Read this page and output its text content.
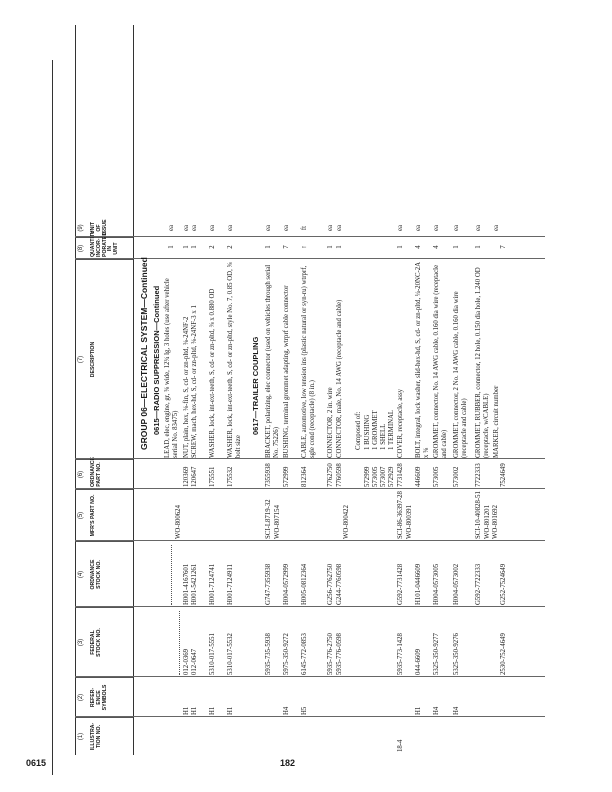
(1) ILLUSTRA-
TION NO.
(2) REFER-
ENCE
SYMBOLS
(3) FEDERAL
STOCK NO.
(4) ORDNANCE
STOCK NO.
(5) MFR'S PART NO.
(6) ORDNANCE
PART NO.
(7) DESCRIPTION
(8) QUANTITY
INCOR-
PORATED
IN UNIT
(9) UNIT
OF
ISSUE
GROUP 06—ELECTRICAL SYSTEM—Continued 0615—RADIO SUPPRESSION—Continued
WO-800624
LEAD, elec, engine, gr, ⅝ wide, 12¾ lg, 3 holes (use after vehicle serial No. 83475)
1
ea
H1
012-0369
H001-4167601
120369
NUT, plain, hex, ⅜-fin, S, cd- or zn-pltd, ⅜-24NF-2
1
ea
H1
012-0647
H001-5421261
120647
SCREW, mach, hex-hd, S, cd- or zn-pltd, ⅜-24NF-3 x 1
1
ea
H1
5310-017-5551
H001-7124741
175551
WASHER, lock, int-ext-teeth, S, cd- or zn-pltd, ⅜ x 0.880 OD
2
ea
H1
5310-017-5532
H001-7124911
175532
WASHER, lock, int-ext-teeth, S, cd- or zn-pltd, style No. 7, 0.85 OD, ⅝ bolt size
2
ea
0617—TRAILER COUPLING
5935-735-5938
G747-7355938
SCI-L8719-32
7355938
BRACKET, polarizing, elec connector (used on vehicles through serial No. 75226)
1
ea
H4
5975-350-9272
H004-0572999
WO-807154
572999
BUSHING, terminal grommet adapting, wtrprf cable connector
7
ea
H5
6145-772-0853
H005-0812364
812364
CABLE, automotive, low tension ins (plastic natural or syn-ru) wtrprf, sgle cond (receptacle) (8 in.)
↑
ft
5935-776-2750
G256-7762750
7762750
CONNECTOR, 2 in. wire
1
ea
5935-776-0598
G244-7760598
WO-800422
7760598
CONNECTOR, male, No. 14 AWG (receptacle and cable)
1
ea
Composed of:
572999
1 BUSHING
573005
1 GROMMET
573007
1 SHELL
572929
1 TERMINAL
18-4
5935-773-1428
G592-7731428
SCI-86-36397-28
7731428
COVER, receptacle, assy
1
ea
H1
044-6609
H101-0446609
WO-800391
446609
BOLT, integral, lock washer, slid-hex-hd, S, cd- or zn-pltd, ¼-20NC-2A x ⅝
4
ea
H4
5325-350-9277
H004-0573005
573005
GROMMET, connector, No. 14 AWG cable, 0.160 dia wire (receptacle and cable)
4
ea
H4
5325-350-9276
H004-0573002
573002
GROMMET, connector, 2 No. 14 AWG cable, 0.160 dia wire (receptacle and cable)
1
ea
G592-7722333
SCI-10-40828-51
7722333
GROMMET, RUBBER, connector, 12 hole, 0.150 dia hole, 1.240 OD (receptacle, w/CABLE)
1
ea
2530-752-4649
G252-7524649
WO-801201
7524649
MARKER, circuit number
7
ea
WO-801692
0615	182
